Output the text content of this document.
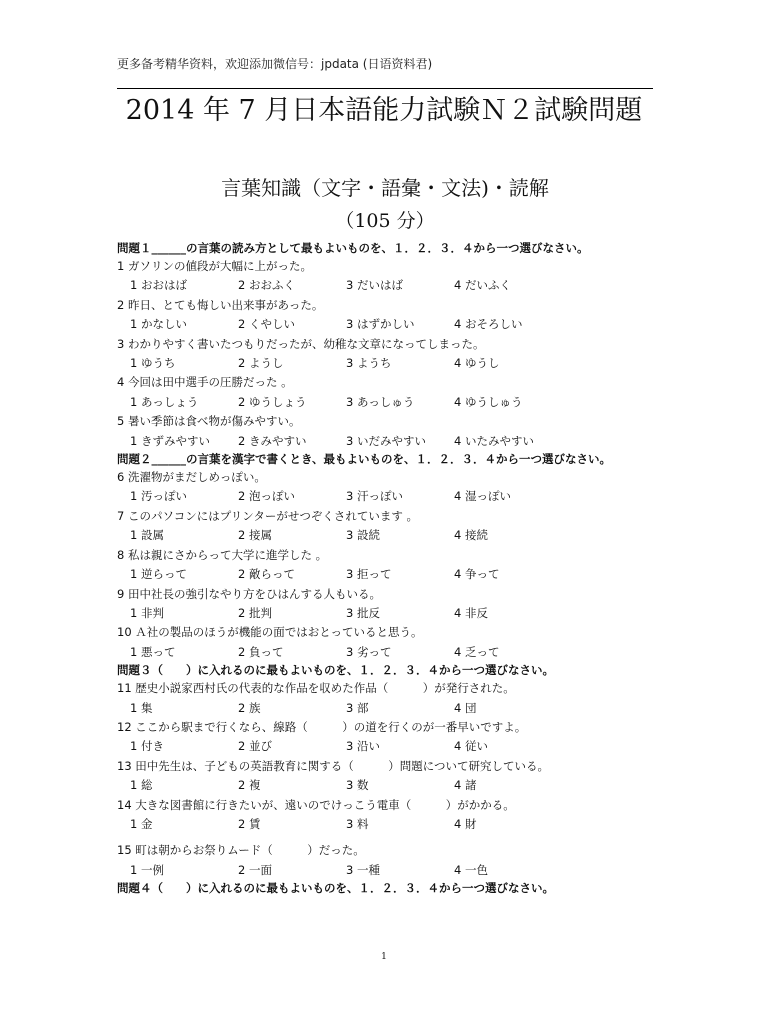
更多备考精华资料，欢迎添加微信号：jpdata (日语资料君)
2014 年 7 月日本語能力試験Ｎ２試験問題
言葉知識（文字・語彙・文法)・読解
（105 分）
問題１______の言葉の読み方として最もよいものを、１．２．３．４から一つ選びなさい。
1 ガソリンの値段が大幅に上がった。
1 おおはば	2 おおふく	3 だいはば	4 だいふく
2 昨日、とても悔しい出来事があった。
1 かなしい	2 くやしい	3 はずかしい	4 おそろしい
3 わかりやすく書いたつもりだったが、幼稚な文章になってしまった。
1 ゆうち	2 ようし	3 ようち	4 ゆうし
4 今回は田中選手の圧勝だった 。
1 あっしょう	2 ゆうしょう	3 あっしゅう	4 ゆうしゅう
5 暑い季節は食べ物が傷みやすい。
1 きずみやすい	2 きみやすい	3 いだみやすい	4 いたみやすい
問題２______の言葉を漢字で書くとき、最もよいものを、１．２．３．４から一つ選びなさい。
6 洗濯物がまだしめっぽい。
1 汚っぽい	2 泡っぽい	3 汗っぽい	4 湿っぽい
7 このパソコンにはプリンターがせつぞくされています 。
1 設属	2 接属	3 設続	4 接続
8 私は親にさからって大学に進学した 。
1 逆らって	2 敵らって	3 拒って	4 争って
9 田中社長の強引なやり方をひはんする人もいる。
1 非判	2 批判	3 批反	4 非反
10 Ａ社の製品のほうが機能の面ではおとっていると思う。
1 悪って	2 負って	3 劣って	4 乏って
問題３（　　）に入れるのに最もよいものを、１．２．３．４から一つ選びなさい。
11 歴史小説家西村氏の代表的な作品を収めた作品（　　　）が発行された。
1 集	2 族	3 部	4 団
12 ここから駅まで行くなら、線路（　　　）の道を行くのが一番早いですよ。
1 付き	2 並び	3 沿い	4 従い
13 田中先生は、子どもの英語教育に関する（　　　）問題について研究している。
1 総	2 複	3 数	4 諸
14 大きな図書館に行きたいが、遠いのでけっこう電車（　　　）がかかる。
1 金	2 賃	3 料	4 財
15 町は朝からお祭りムード（　　　）だった。
1 一例	2 一面	3 一種	4 一色
問題４（　　）に入れるのに最もよいものを、１．２．３．４から一つ選びなさい。
1
